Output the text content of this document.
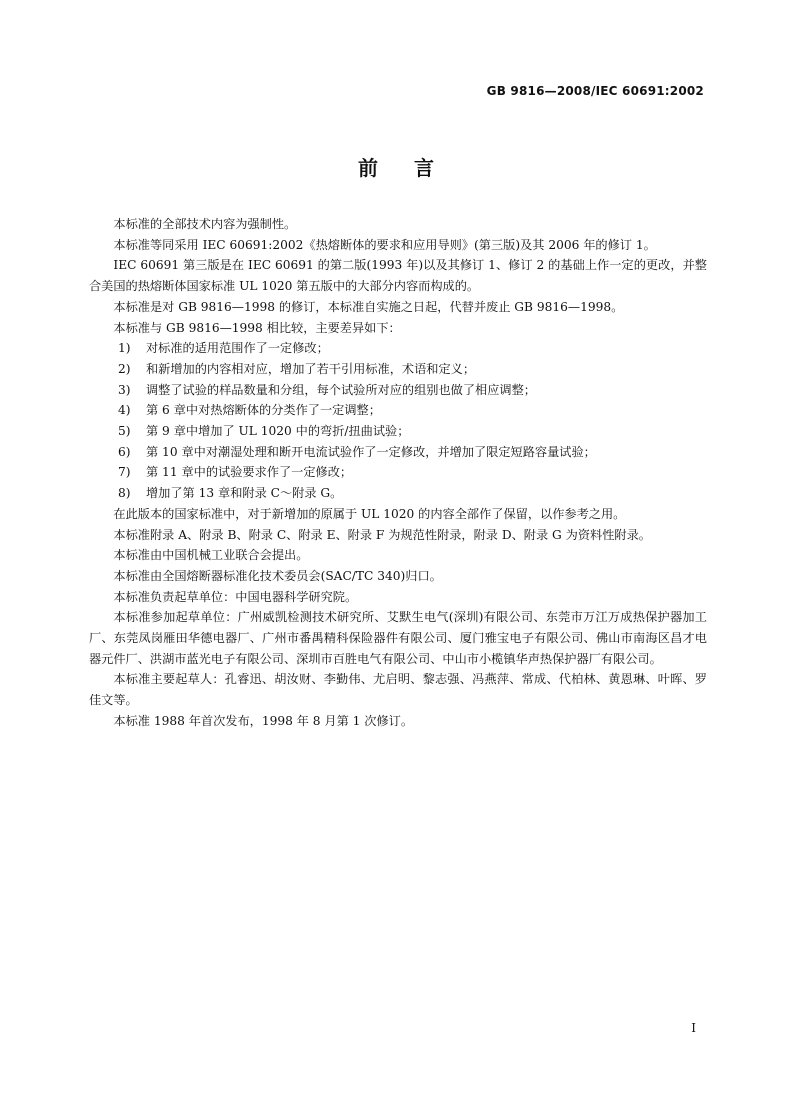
GB 9816—2008/IEC 60691:2002
前言

本标准的全部技术内容为强制性。

本标准等同采用 IEC 60691:2002《热熔断体的要求和应用导则》(第三版)及其 2006 年的修订 1。

IEC 60691 第三版是在 IEC 60691 的第二版(1993 年)以及其修订 1、修订 2 的基础上作一定的更改，并整合美国的热熔断体国家标准 UL 1020 第五版中的大部分内容而构成的。

本标准是对 GB 9816—1998 的修订，本标准自实施之日起，代替并废止 GB 9816—1998。

本标准与 GB 9816—1998 相比较，主要差异如下：

1) 对标准的适用范围作了一定修改；

2) 和新增加的内容相对应，增加了若干引用标准，术语和定义；

3) 调整了试验的样品数量和分组，每个试验所对应的组别也做了相应调整；

4) 第 6 章中对热熔断体的分类作了一定调整；

5) 第 9 章中增加了 UL 1020 中的弯折/扭曲试验；

6) 第 10 章中对潮湿处理和断开电流试验作了一定修改，并增加了限定短路容量试验；

7) 第 11 章中的试验要求作了一定修改；

8) 增加了第 13 章和附录 C～附录 G。

在此版本的国家标准中，对于新增加的原属于 UL 1020 的内容全部作了保留，以作参考之用。

本标准附录 A、附录 B、附录 C、附录 E、附录 F 为规范性附录，附录 D、附录 G 为资料性附录。

本标准由中国机械工业联合会提出。

本标准由全国熔断器标准化技术委员会(SAC/TC 340)归口。

本标准负责起草单位：中国电器科学研究院。

本标准参加起草单位：广州威凯检测技术研究所、艾默生电气(深圳)有限公司、东莞市万江万成热保护器加工厂、东莞凤岗雁田华德电器厂、广州市番禺精科保险器件有限公司、厦门雅宝电子有限公司、佛山市南海区昌才电器元件厂、洪湖市蓝光电子有限公司、深圳市百胜电气有限公司、中山市小榄镇华声热保护器厂有限公司。

本标准主要起草人：孔睿迅、胡汝财、李勤伟、尤启明、黎志强、冯燕萍、常成、代柏林、黄恩琳、叶晖、罗佳文等。

本标准 1988 年首次发布，1998 年 8 月第 1 次修订。

I
